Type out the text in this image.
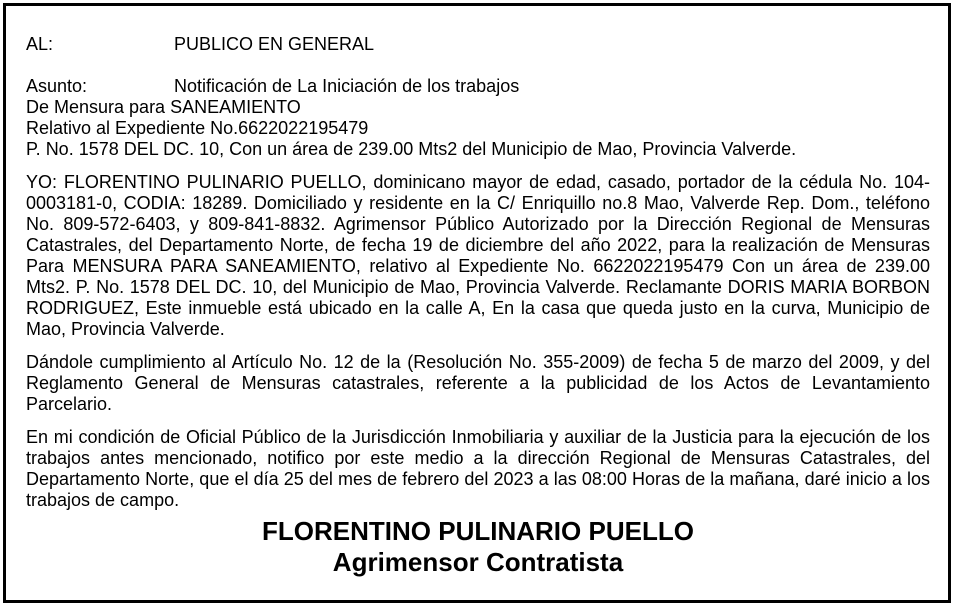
AL:	PUBLICO EN GENERAL
Asunto:	Notificación de La Iniciación de los trabajos
De Mensura para SANEAMIENTO
Relativo al Expediente No.6622022195479
P. No. 1578 DEL DC. 10, Con un área de 239.00 Mts2 del Municipio de Mao, Provincia Valverde.

YO: FLORENTINO PULINARIO PUELLO, dominicano mayor de edad, casado, portador de la cédula No. 104-0003181-0, CODIA: 18289. Domiciliado y residente en la C/ Enriquillo no.8 Mao, Valverde Rep. Dom., teléfono No. 809-572-6403, y 809-841-8832. Agrimensor Público Autorizado por la Dirección Regional de Mensuras Catastrales, del Departamento Norte, de fecha 19 de diciembre del año 2022, para la realización de Mensuras Para MENSURA PARA SANEAMIENTO, relativo al Expediente No. 6622022195479 Con un área de 239.00 Mts2. P. No. 1578 DEL DC. 10, del Municipio de Mao, Provincia Valverde. Reclamante DORIS MARIA BORBON RODRIGUEZ, Este inmueble está ubicado en la calle A, En la casa que queda justo en la curva, Municipio de Mao, Provincia Valverde.

Dándole cumplimiento al Artículo No. 12 de la (Resolución No. 355-2009) de fecha 5 de marzo del 2009, y del Reglamento General de Mensuras catastrales, referente a la publicidad de los Actos de Levantamiento Parcelario.

En mi condición de Oficial Público de la Jurisdicción Inmobiliaria y auxiliar de la Justicia para la ejecución de los trabajos antes mencionado, notifico por este medio a la dirección Regional de Mensuras Catastrales, del Departamento Norte, que el día 25 del mes de febrero del 2023 a las 08:00 Horas de la mañana, daré inicio a los trabajos de campo.

FLORENTINO PULINARIO PUELLO
Agrimensor Contratista
